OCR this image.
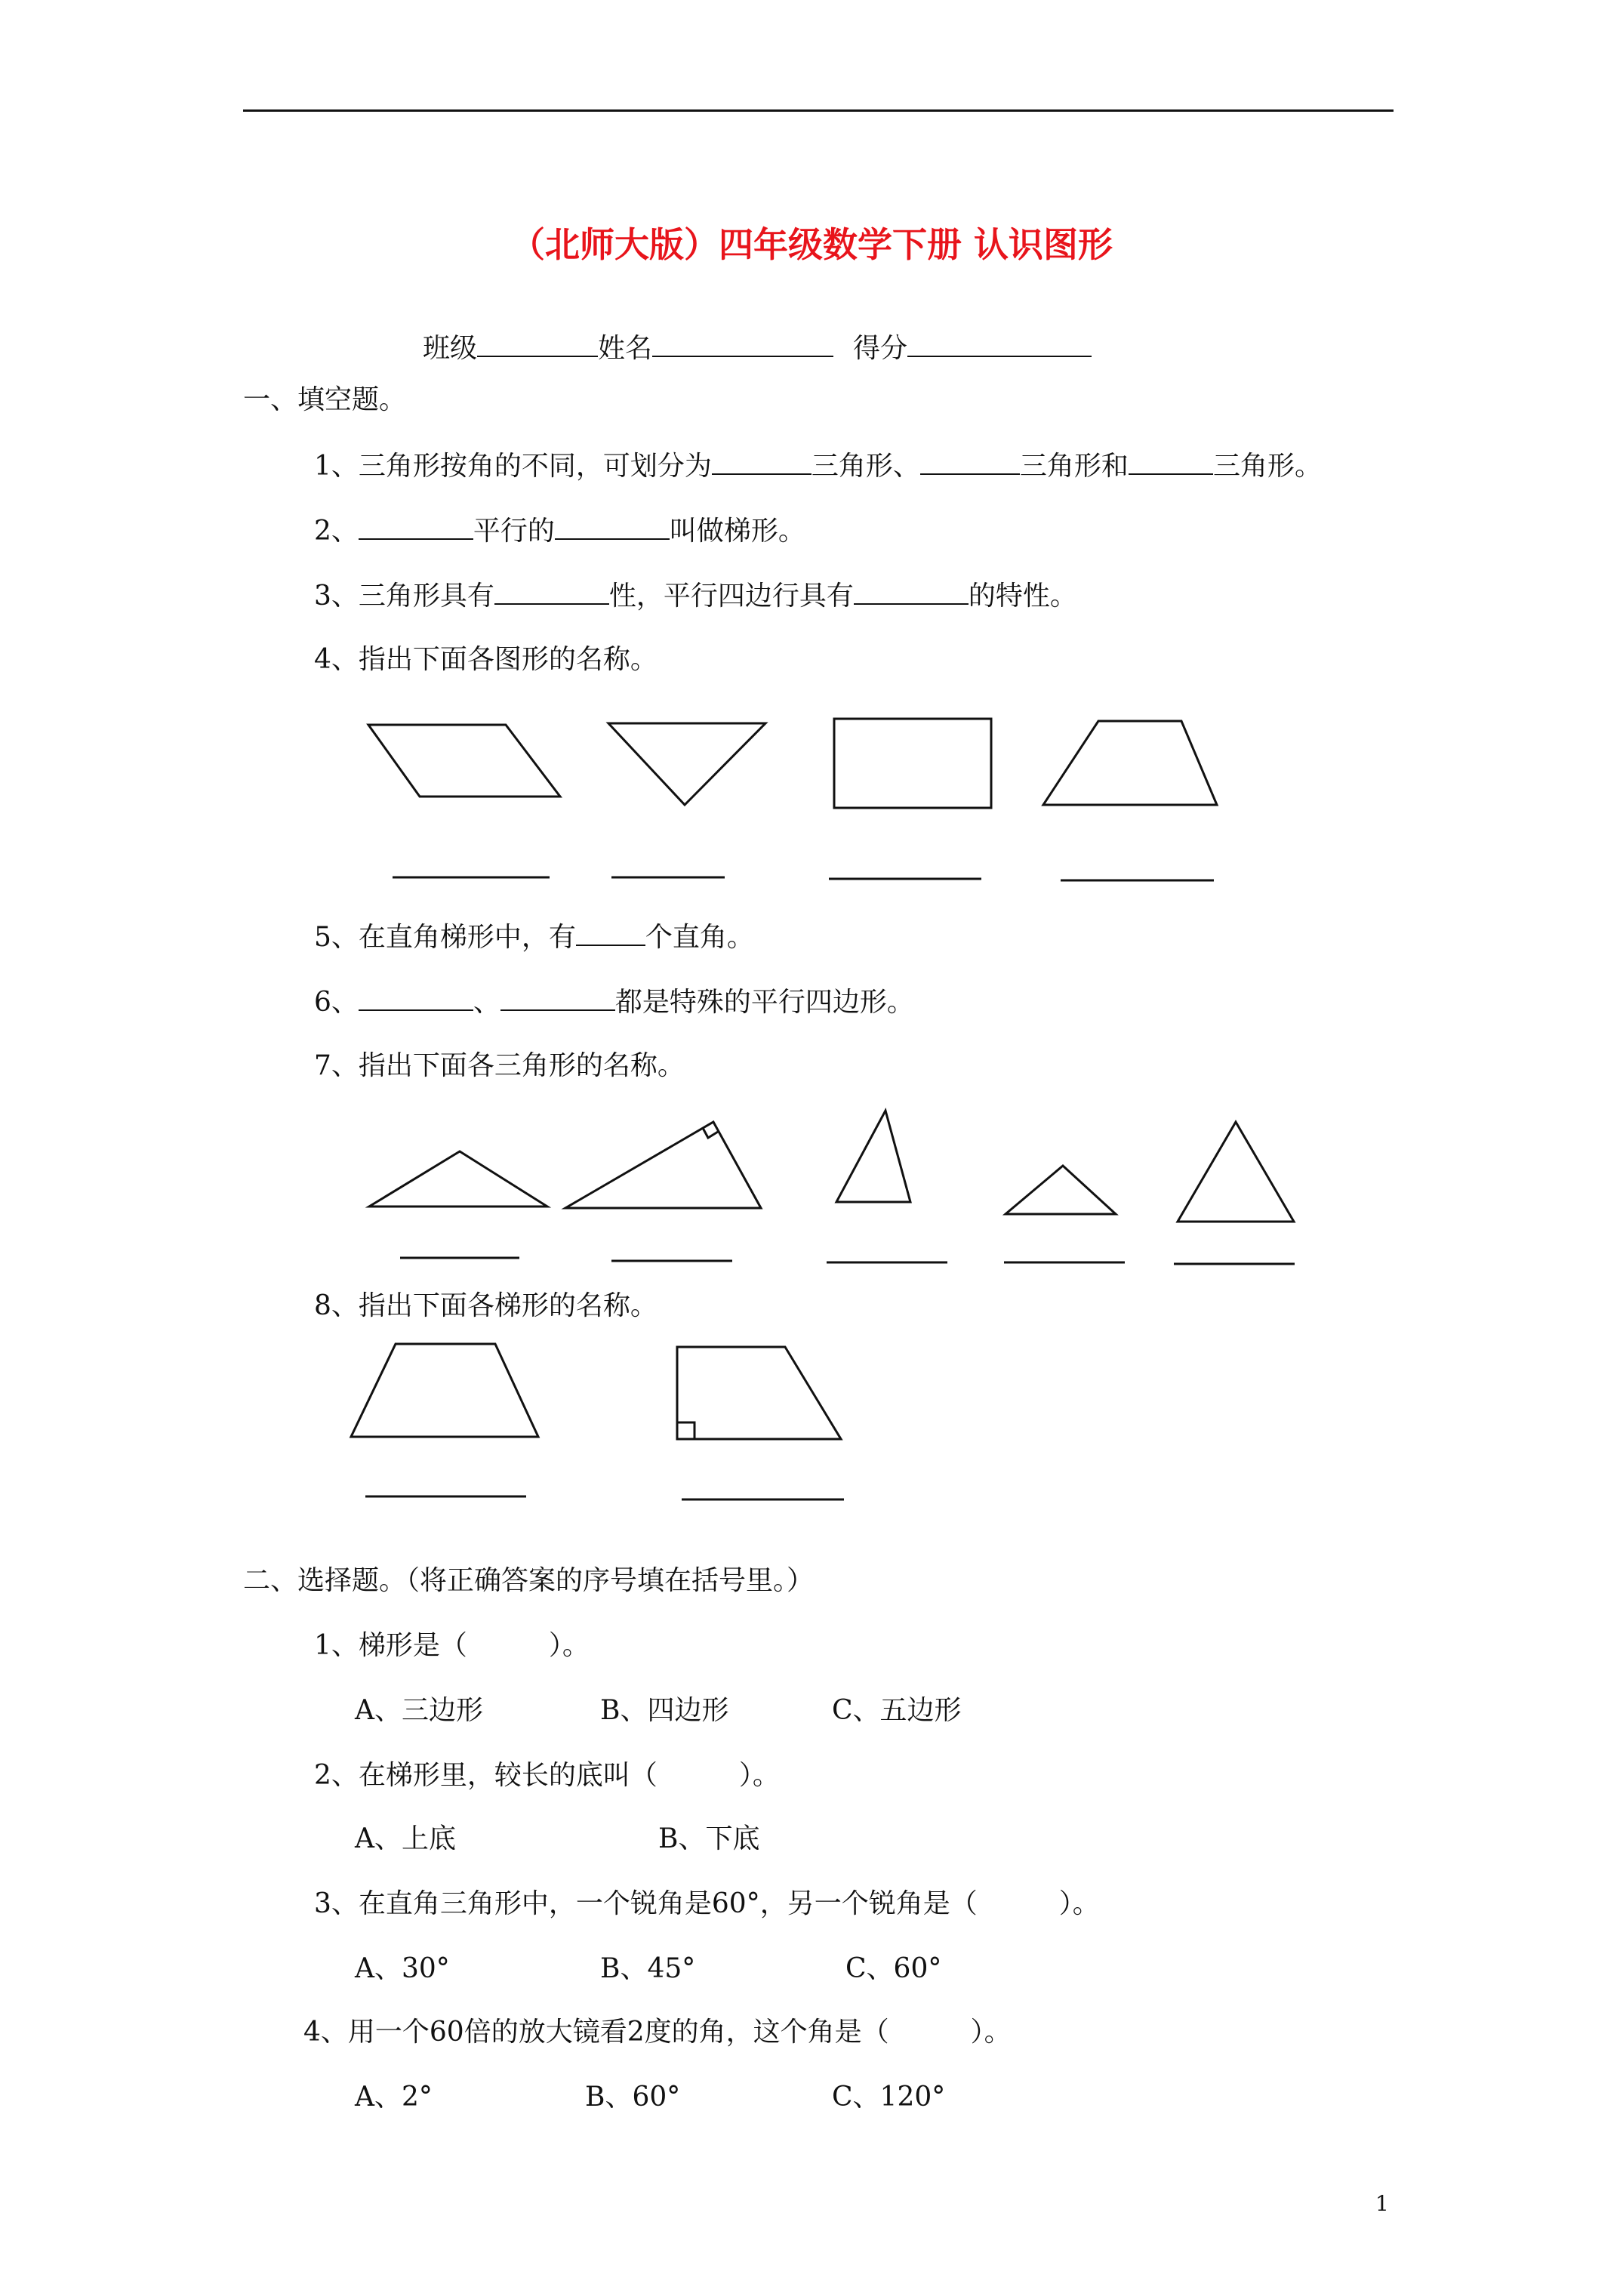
（北师大版）四年级数学下册 认识图形
班级	姓名	得分
一、填空题。
1、三角形按角的不同，可划分为	三角形、	三角形和	三角形。
2、	平行的	叫做梯形。
3、三角形具有	性，平行四边行具有	的特性。
4、指出下面各图形的名称。
5、在直角梯形中，有	个直角。
6、	、	都是特殊的平行四边形。
7、指出下面各三角形的名称。
8、指出下面各梯形的名称。
二、选择题。（将正确答案的序号填在括号里。）
1、梯形是（　　　）。
A、三边形	B、四边形	C、五边形
2、在梯形里，较长的底叫（　　　）。
A、上底	B、下底
3、在直角三角形中，一个锐角是60°，另一个锐角是（　　　）。
A、30°	B、45°	C、60°
4、用一个60倍的放大镜看2度的角，这个角是（　　　）。
A、2°	B、60°	C、120°
1
